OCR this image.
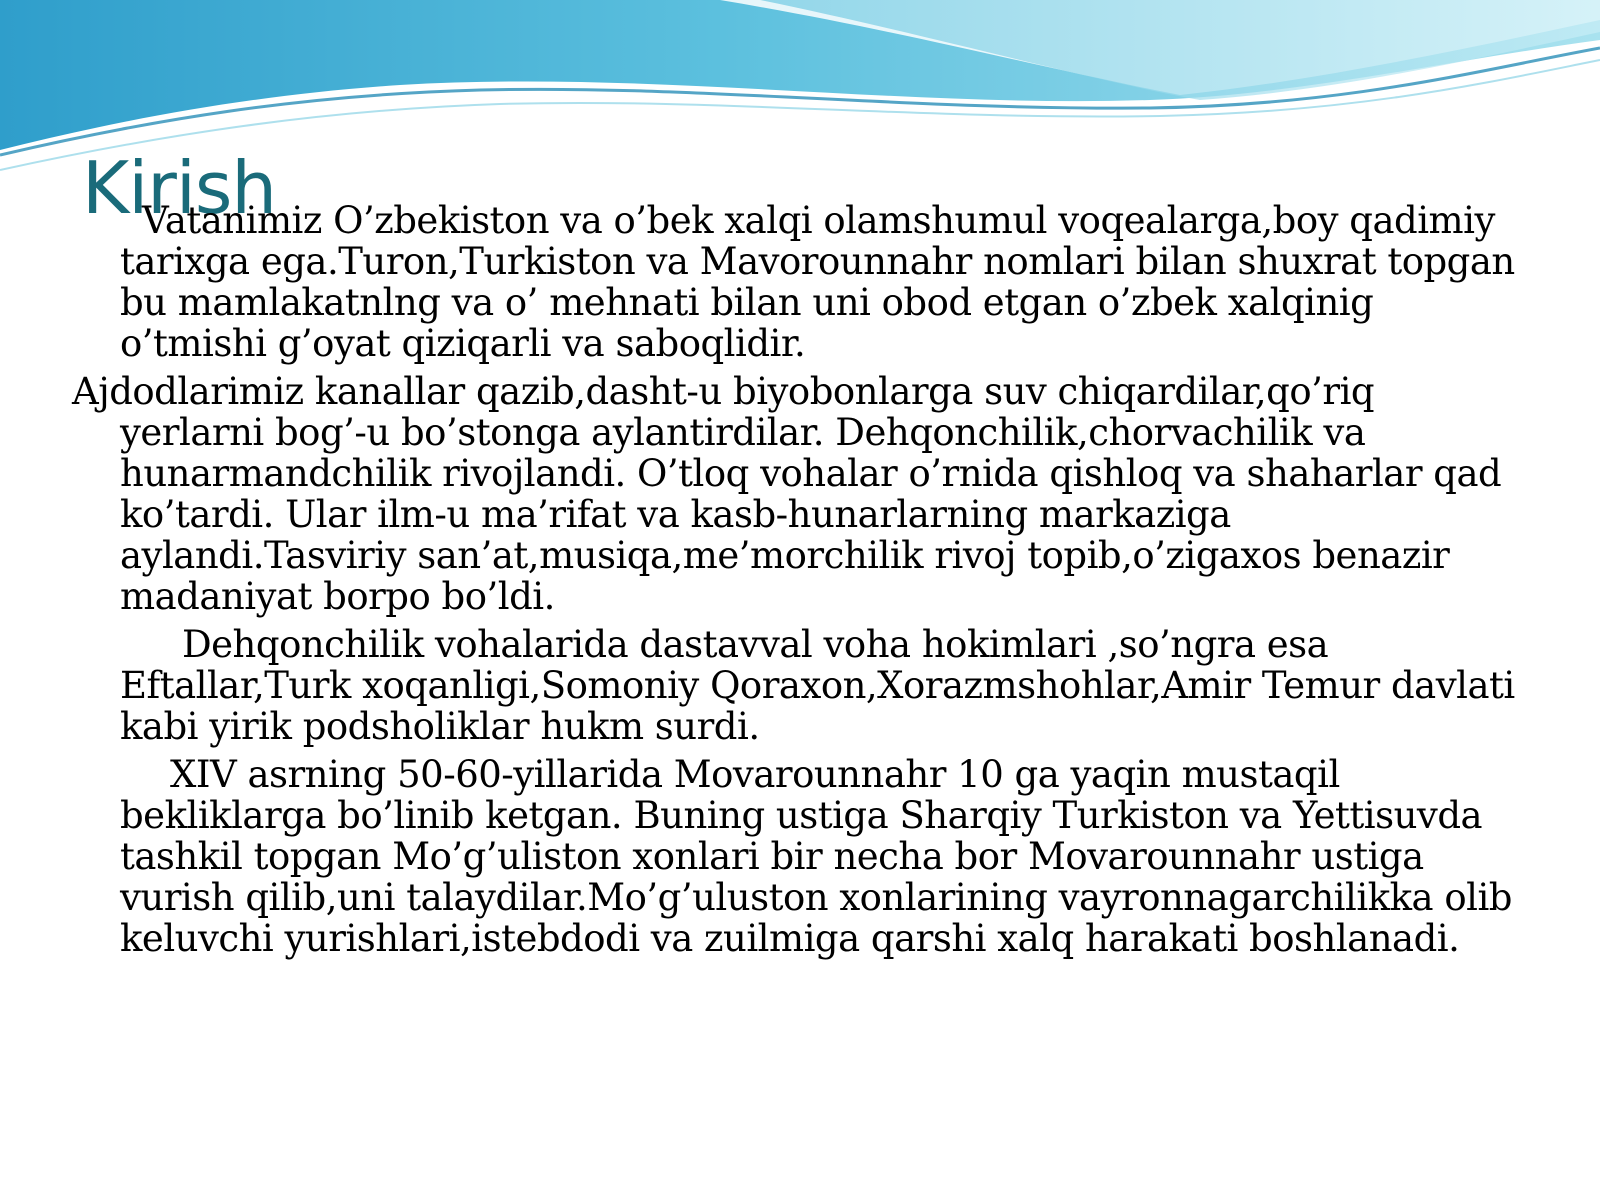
Kirish

Vatanimiz O’zbekiston va o’bek xalqi olamshumul voqealarga,boy qadimiy tarixga ega.Turon,Turkiston va Mavorounnahr nomlari bilan shuxrat topgan bu mamlakatnlng va o’ mehnati bilan uni obod etgan o’zbek xalqinig o’tmishi g’oyat qiziqarli va saboqlidir.

Ajdodlarimiz kanallar qazib,dasht-u biyobonlarga suv chiqardilar,qo’riq yerlarni bog’-u bo’stonga aylantirdilar. Dehqonchilik,chorvachilik va hunarmandchilik rivojlandi. O’tloq vohalar o’rnida qishloq va shaharlar qad ko’tardi. Ular ilm-u ma’rifat va kasb-hunarlarning markaziga aylandi.Tasviriy san’at,musiqa,me’morchilik rivoj topib,o’zigaxos benazir madaniyat borpo bo’ldi.

Dehqonchilik vohalarida dastavval voha hokimlari ,so’ngra esa Eftallar,Turk xoqanligi,Somoniy Qoraxon,Xorazmshohlar,Amir Temur davlati kabi yirik podsholiklar hukm surdi.

XIV asrning 50-60-yillarida Movarounnahr 10 ga yaqin mustaqil bekliklarga bo’linib ketgan. Buning ustiga Sharqiy Turkiston va Yettisuvda tashkil topgan Mo’g’uliston xonlari bir necha bor Movarounnahr ustiga vurish qilib,uni talaydilar.Mo’g’uluston xonlarining vayronnagarchilikka olib keluvchi yurishlari,istebdodi va zuilmiga qarshi xalq harakati boshlanadi.
